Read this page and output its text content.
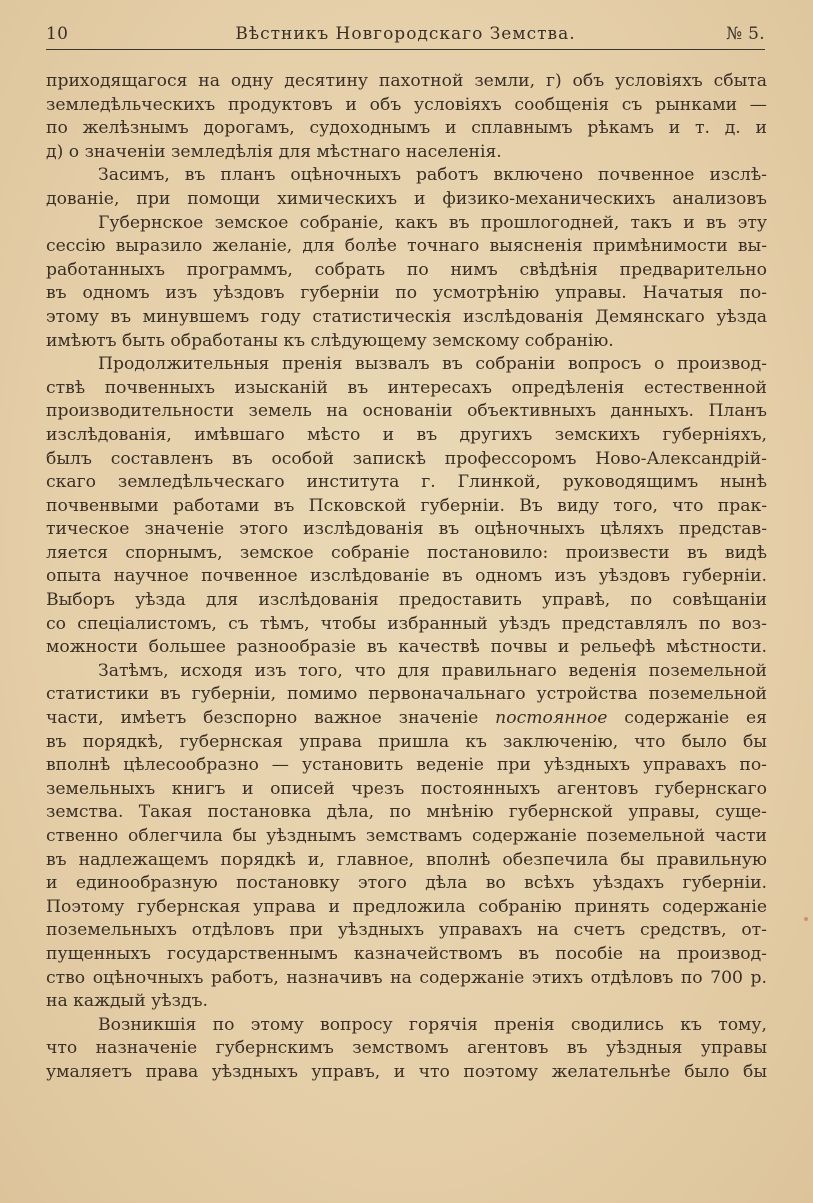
10	Вѣстникъ Новгородскаго Земства.	№ 5.
приходящагося на одну десятину пахотной земли, г) объ условіяхъ сбыта
земледѣльческихъ продуктовъ и объ условіяхъ сообщенія съ рынками —
по желѣзнымъ дорогамъ, судоходнымъ и сплавнымъ рѣкамъ и т. д. и
д) о значеніи земледѣлія для мѣстнаго населенія.
Засимъ, въ планъ оцѣночныхъ работъ включено почвенное изслѣ-
дованіе, при помощи химическихъ и физико-механическихъ анализовъ
Губернское земское собраніе, какъ въ прошлогодней, такъ и въ эту
сессію выразило желаніе, для болѣе точнаго выясненія примѣнимости вы-
работанныхъ программъ, собрать по нимъ свѣдѣнія предварительно
въ одномъ изъ уѣздовъ губерніи по усмотрѣнію управы. Начатыя по-
этому въ минувшемъ году статистическія изслѣдованія Демянскаго уѣзда
имѣютъ быть обработаны къ слѣдующему земскому собранію.
Продолжительныя пренія вызвалъ въ собраніи вопросъ о производ-
ствѣ почвенныхъ изысканій въ интересахъ опредѣленія естественной
производительности земель на основаніи объективныхъ данныхъ. Планъ
изслѣдованія, имѣвшаго мѣсто и въ другихъ земскихъ губерніяхъ,
былъ составленъ въ особой запискѣ профессоромъ Ново-Александрій-
скаго земледѣльческаго института г. Глинкой, руководящимъ нынѣ
почвенвыми работами въ Псковской губерніи. Въ виду того, что прак-
тическое значеніе этого изслѣдованія въ оцѣночныхъ цѣляхъ представ-
ляется спорнымъ, земское собраніе постановило: произвести въ видѣ
опыта научное почвенное изслѣдованіе въ одномъ изъ уѣздовъ губерніи.
Выборъ уѣзда для изслѣдованія предоставить управѣ, по совѣщаніи
со спеціалистомъ, съ тѣмъ, чтобы избранный уѣздъ представлялъ по воз-
можности большее разнообразіе въ качествѣ почвы и рельефѣ мѣстности.
Затѣмъ, исходя изъ того, что для правильнаго веденія поземельной
статистики въ губерніи, помимо первоначальнаго устройства поземельной
части, имѣетъ безспорно важное значеніе постоянное содержаніе ея
въ порядкѣ, губернская управа пришла къ заключенію, что было бы
вполнѣ цѣлесообразно — установить веденіе при уѣздныхъ управахъ по-
земельныхъ книгъ и описей чрезъ постоянныхъ агентовъ губернскаго
земства. Такая постановка дѣла, по мнѣнію губернской управы, суще-
ственно облегчила бы уѣзднымъ земствамъ содержаніе поземельной части
въ надлежащемъ порядкѣ и, главное, вполнѣ обезпечила бы правильную
и единообразную постановку этого дѣла во всѣхъ уѣздахъ губерніи.
Поэтому губернская управа и предложила собранію принять содержаніе
поземельныхъ отдѣловъ при уѣздныхъ управахъ на счетъ средствъ, от-
пущенныхъ государственнымъ казначействомъ въ пособіе на производ-
ство оцѣночныхъ работъ, назначивъ на содержаніе этихъ отдѣловъ по 700 р.
на каждый уѣздъ.
Возникшія по этому вопросу горячія пренія сводились къ тому,
что назначеніе губернскимъ земствомъ агентовъ въ уѣздныя управы
умаляетъ права уѣздныхъ управъ, и что поэтому желательнѣе было бы
